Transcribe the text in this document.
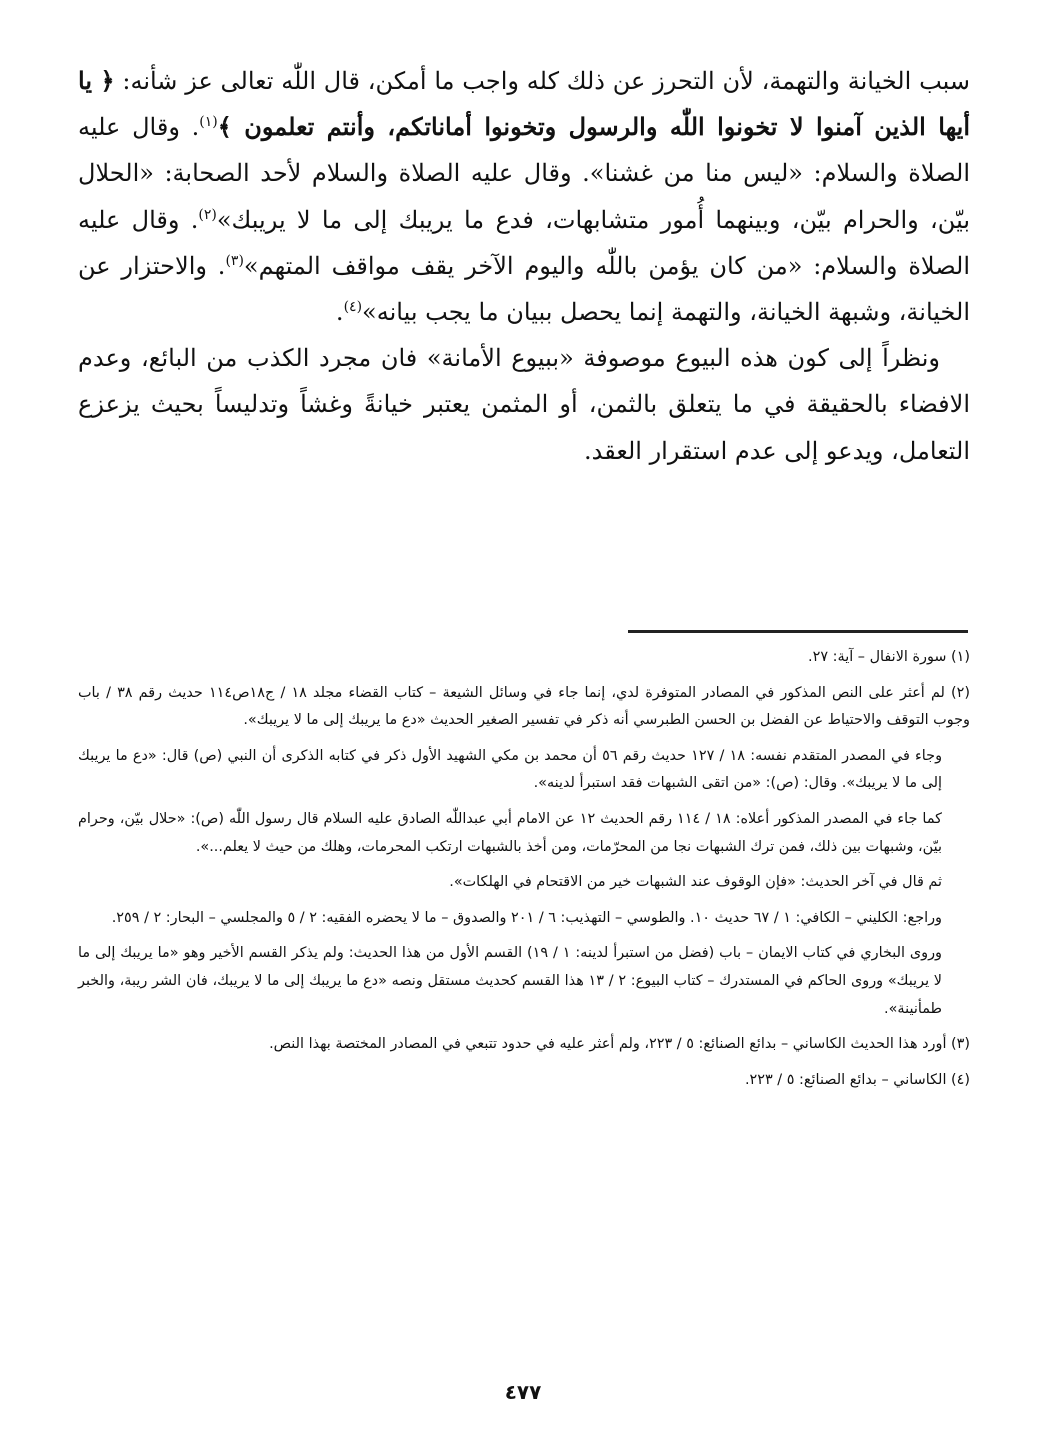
سبب الخيانة والتهمة، لأن التحرز عن ذلك كله واجب ما أمكن، قال اللّٰه تعالى عز شأنه: ﴿ يا أيها الذين آمنوا لا تخونوا اللّٰه والرسول وتخونوا أماناتكم، وأنتم تعلمون ﴾$^{(١)}$. وقال عليه الصلاة والسلام: «ليس منا من غشنا». وقال عليه الصلاة والسلام لأحد الصحابة: «الحلال بيّن، والحرام بيّن، وبينهما أُمور متشابهات، فدع ما يريبك إلى ما لا يريبك»$^{(٢)}$. وقال عليه الصلاة والسلام: «من كان يؤمن باللّٰه واليوم الآخر يقف مواقف المتهم»$^{(٣)}$. والاحتزار عن الخيانة، وشبهة الخيانة، والتهمة إنما يحصل ببيان ما يجب بيانه»$^{(٤)}$.

ونظراً إلى كون هذه البيوع موصوفة «ببيوع الأمانة» فان مجرد الكذب من البائع، وعدم الافضاء بالحقيقة في ما يتعلق بالثمن، أو المثمن يعتبر خيانةً وغشاً وتدليساً بحيث يزعزع التعامل، ويدعو إلى عدم استقرار العقد.

(١) سورة الانفال – آية: ٢٧.

(٢) لم أعثر على النص المذكور في المصادر المتوفرة لدي، إنما جاء في وسائل الشيعة – كتاب القضاء مجلد ١٨ / ج١٨ص١١٤ حديث رقم ٣٨ / باب وجوب التوقف والاحتياط عن الفضل بن الحسن الطبرسي أنه ذكر في تفسير الصغير الحديث «دع ما يريبك إلى ما لا يريبك».

وجاء في المصدر المتقدم نفسه: ١٨ / ١٢٧ حديث رقم ٥٦ أن محمد بن مكي الشهيد الأول ذكر في كتابه الذكرى أن النبي (ص) قال: «دع ما يريبك إلى ما لا يريبك». وقال: (ص): «من اتقى الشبهات فقد استبرأ لدينه».

كما جاء في المصدر المذكور أعلاه: ١٨ / ١١٤ رقم الحديث ١٢ عن الامام أبي عبداللّٰه الصادق عليه السلام قال رسول اللّٰه (ص): «حلال بيّن، وحرام بيّن، وشبهات بين ذلك، فمن ترك الشبهات نجا من المحرّمات، ومن أخذ بالشبهات ارتكب المحرمات، وهلك من حيث لا يعلم...».

ثم قال في آخر الحديث: «فإن الوقوف عند الشبهات خير من الاقتحام في الهلكات».

وراجع: الكليني – الكافي: ١ / ٦٧ حديث ١٠. والطوسي – التهذيب: ٦ / ٢٠١ والصدوق – ما لا يحضره الفقيه: ٢ / ٥ والمجلسي – البحار: ٢ / ٢٥٩.

وروى البخاري في كتاب الايمان – باب (فضل من استبرأ لدينه: ١ / ١٩) القسم الأول من هذا الحديث: ولم يذكر القسم الأخير وهو «ما يريبك إلى ما لا يريبك» وروى الحاكم في المستدرك – كتاب البيوع: ٢ / ١٣ هذا القسم كحديث مستقل ونصه «دع ما يريبك إلى ما لا يريبك، فان الشر ريبة، والخبر طمأنينة».

(٣) أورد هذا الحديث الكاساني – بدائع الصنائع: ٥ / ٢٢٣، ولم أعثر عليه في حدود تتبعي في المصادر المختصة بهذا النص.

(٤) الكاساني – بدائع الصنائع: ٥ / ٢٢٣.

٤٧٧
